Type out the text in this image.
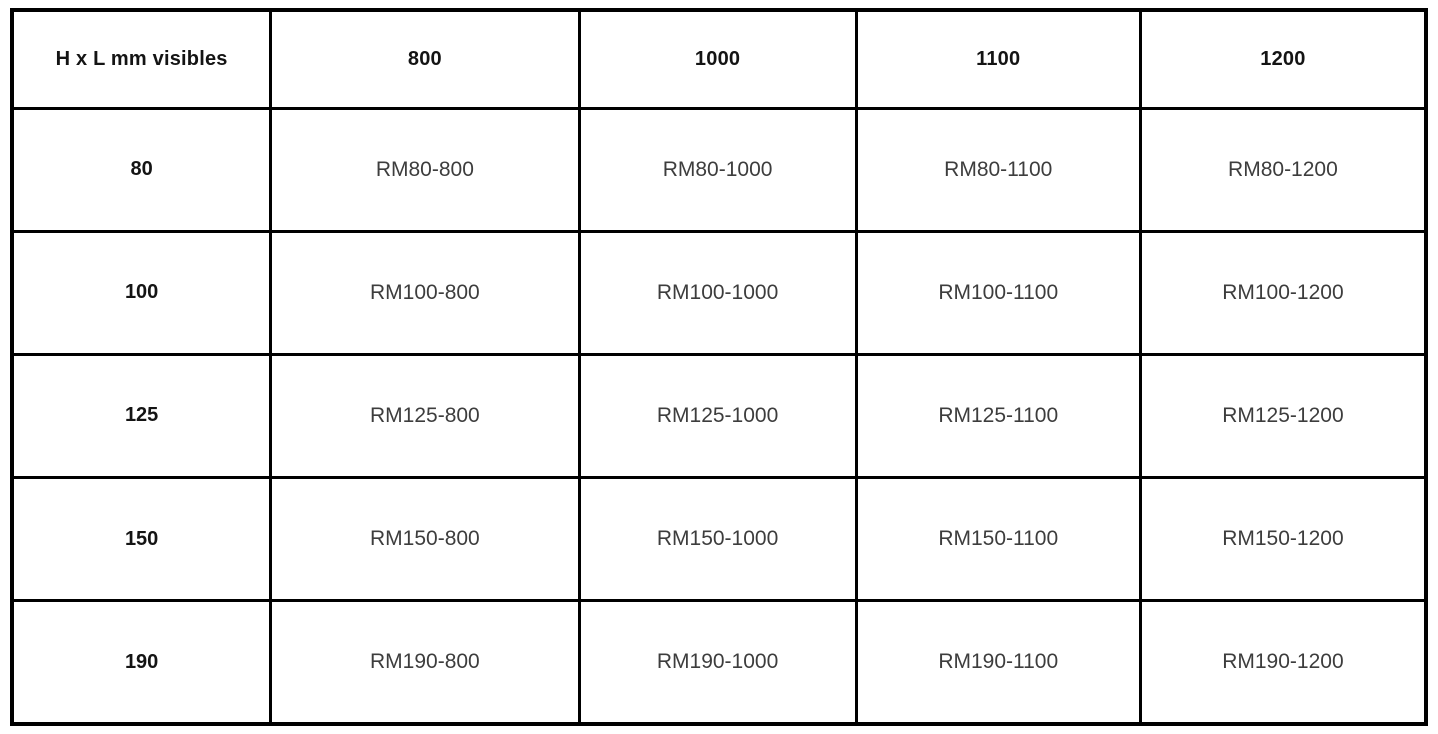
H x L mm visibles	800	1000	1100	1200
80	RM80-800	RM80-1000	RM80-1100	RM80-1200
100	RM100-800	RM100-1000	RM100-1100	RM100-1200
125	RM125-800	RM125-1000	RM125-1100	RM125-1200
150	RM150-800	RM150-1000	RM150-1100	RM150-1200
190	RM190-800	RM190-1000	RM190-1100	RM190-1200
